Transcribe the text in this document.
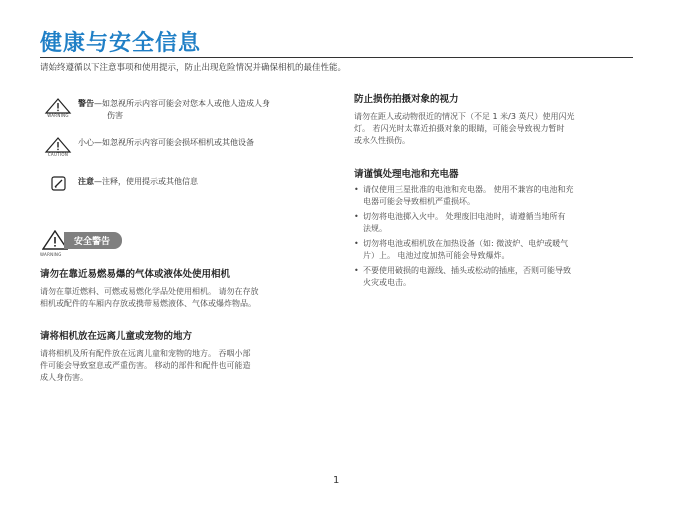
健康与安全信息
请始终遵循以下注意事项和使用提示，防止出现危险情况并确保相机的最佳性能。
WARNING
警告—如忽视所示内容可能会对您本人或他人造成人身
伤害
CAUTION
小心—如忽视所示内容可能会损坏相机或其他设备
注意—注释，使用提示或其他信息
安全警告
WARNING
请勿在靠近易燃易爆的气体或液体处使用相机
请勿在靠近燃料、可燃或易燃化学品处使用相机。 请勿在存放
相机或配件的车厢内存放或携带易燃液体、气体或爆炸物品。
请将相机放在远离儿童或宠物的地方
请将相机及所有配件放在远离儿童和宠物的地方。 吞咽小部
件可能会导致窒息或严重伤害。 移动的部件和配件也可能造
成人身伤害。
防止损伤拍摄对象的视力
请勿在距人或动物很近的情况下（不足 1 米/3 英尺）使用闪光
灯。 若闪光时太靠近拍摄对象的眼睛，可能会导致视力暂时
或永久性损伤。
请谨慎处理电池和充电器
• 请仅使用三星批准的电池和充电器。 使用不兼容的电池和充
电器可能会导致相机严重损坏。
• 切勿将电池掷入火中。 处理废旧电池时，请遵循当地所有
法规。
• 切勿将电池或相机放在加热设备（如: 微波炉、电炉或暖气
片）上。 电池过度加热可能会导致爆炸。
• 不要使用破损的电源线、插头或松动的插座，否则可能导致
火灾或电击。
1
